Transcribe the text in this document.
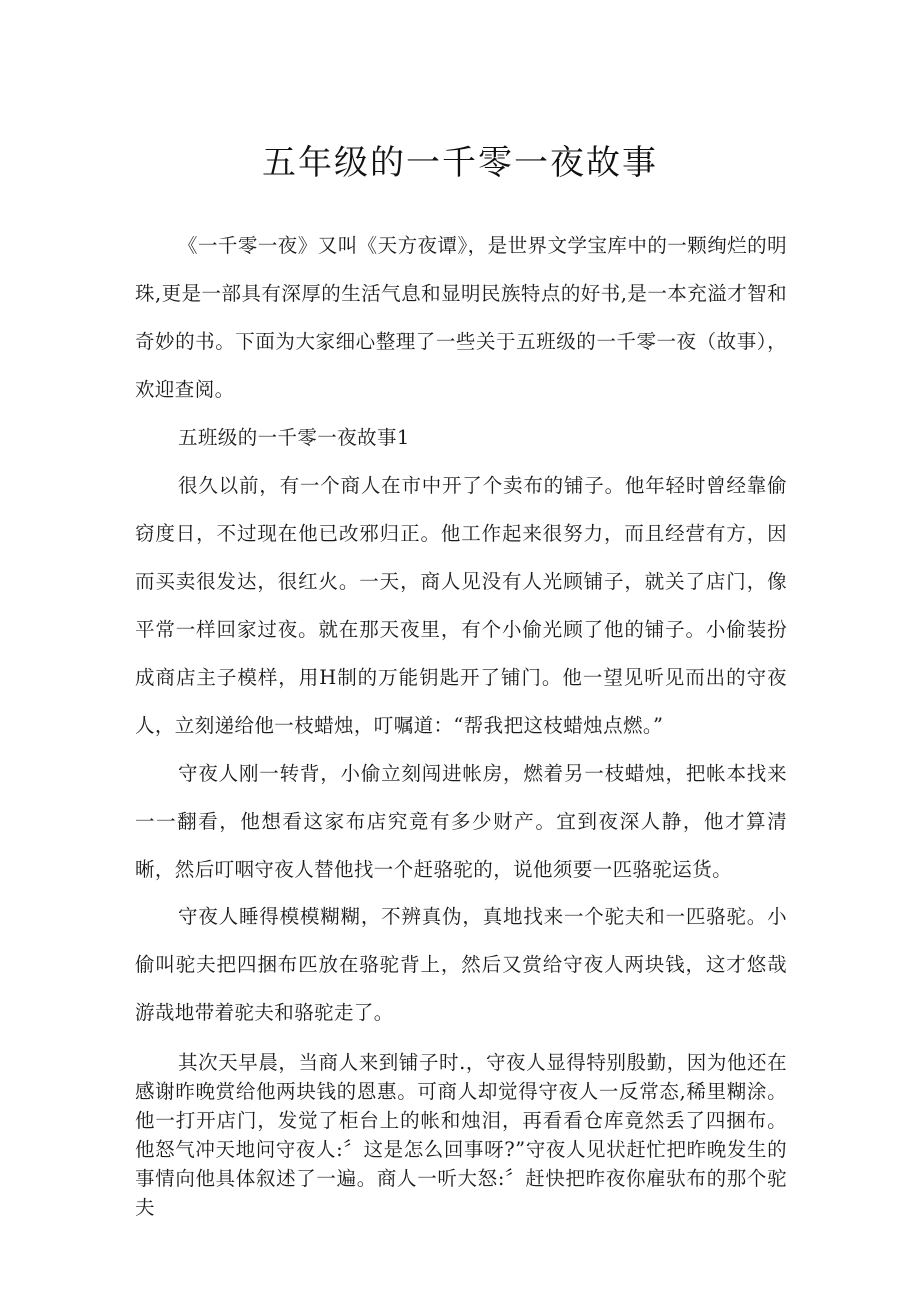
五年级的一千零一夜故事

《一千零一夜》又叫《天方夜谭》，是世界文学宝库中的一颗绚烂的明珠,更是一部具有深厚的生活气息和显明民族特点的好书,是一本充溢才智和奇妙的书。下面为大家细心整理了一些关于五班级的一千零一夜（故事），欢迎查阅。

五班级的一千零一夜故事1

很久以前，有一个商人在市中开了个卖布的铺子。他年轻时曾经靠偷窃度日，不过现在他已改邪归正。他工作起来很努力，而且经营有方，因而买卖很发达，很红火。一天，商人见没有人光顾铺子，就关了店门，像平常一样回家过夜。就在那天夜里，有个小偷光顾了他的铺子。小偷装扮成商店主子模样，用H制的万能钥匙开了铺门。他一望见听见而出的守夜人，立刻递给他一枝蜡烛，叮嘱道：“帮我把这枝蜡烛点燃。”

守夜人刚一转背，小偷立刻闯进帐房，燃着另一枝蜡烛，把帐本找来一一翻看，他想看这家布店究竟有多少财产。宜到夜深人静，他才算清晰，然后叮咽守夜人替他找一个赶骆驼的，说他须要一匹骆驼运货。

守夜人睡得模模糊糊，不辨真伪，真地找来一个驼夫和一匹骆驼。小偷叫驼夫把四捆布匹放在骆驼背上，然后又赏给守夜人两块钱，这才悠哉游哉地带着驼夫和骆驼走了。

其次天早晨，当商人来到铺子时.，守夜人显得特别殷勤，因为他还在感谢昨晚赏给他两块钱的恩惠。可商人却觉得守夜人一反常态,稀里糊涂。他一打开店门，发觉了柜台上的帐和烛泪，再看看仓库竟然丢了四捆布。他怒气冲天地问守夜人:〞这是怎么回事呀?”守夜人见状赶忙把昨晚发生的事情向他具体叙述了一遍。商人一听大怒:〞赶快把昨夜你雇驮布的那个驼夫
